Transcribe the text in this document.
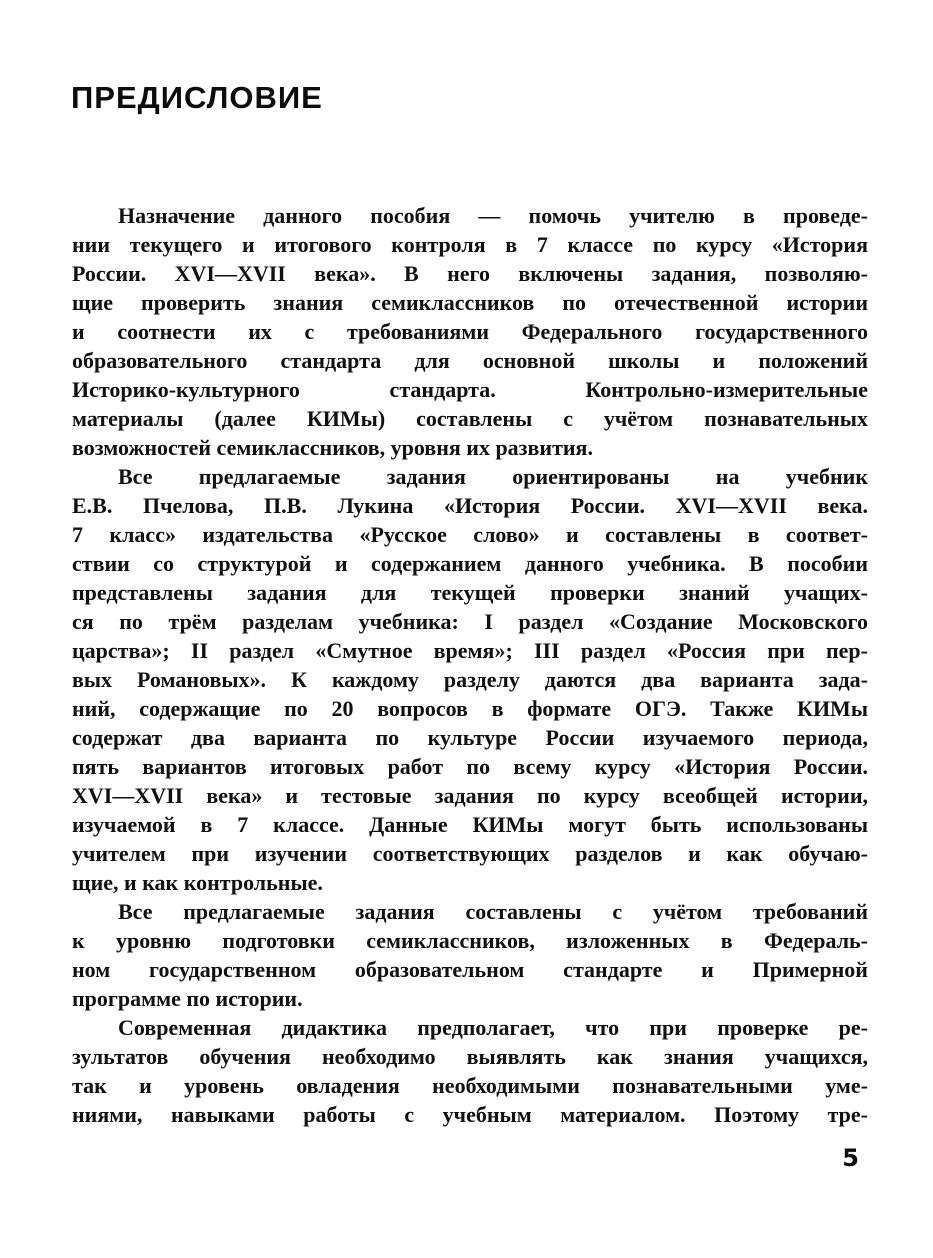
ПРЕДИСЛОВИЕ
Назначение данного пособия — помочь учителю в проведе-
нии текущего и итогового контроля в 7 классе по курсу «История
России. XVI—XVII века». В него включены задания, позволяю-
щие проверить знания семиклассников по отечественной истории
и соотнести их с требованиями Федерального государственного
образовательного стандарта для основной школы и положений
Историко-культурного стандарта. Контрольно-измерительные
материалы (далее КИМы) составлены с учётом познавательных
возможностей семиклассников, уровня их развития.
Все предлагаемые задания ориентированы на учебник
Е.В. Пчелова, П.В. Лукина «История России. XVI—XVII века.
7 класс» издательства «Русское слово» и составлены в соответ-
ствии со структурой и содержанием данного учебника. В пособии
представлены задания для текущей проверки знаний учащих-
ся по трём разделам учебника: I раздел «Создание Московского
царства»; II раздел «Смутное время»; III раздел «Россия при пер-
вых Романовых». К каждому разделу даются два варианта зада-
ний, содержащие по 20 вопросов в формате ОГЭ. Также КИМы
содержат два варианта по культуре России изучаемого периода,
пять вариантов итоговых работ по всему курсу «История России.
XVI—XVII века» и тестовые задания по курсу всеобщей истории,
изучаемой в 7 классе. Данные КИМы могут быть использованы
учителем при изучении соответствующих разделов и как обучаю-
щие, и как контрольные.
Все предлагаемые задания составлены с учётом требований
к уровню подготовки семиклассников, изложенных в Федераль-
ном государственном образовательном стандарте и Примерной
программе по истории.
Современная дидактика предполагает, что при проверке ре-
зультатов обучения необходимо выявлять как знания учащихся,
так и уровень овладения необходимыми познавательными уме-
ниями, навыками работы с учебным материалом. Поэтому тре-
5
